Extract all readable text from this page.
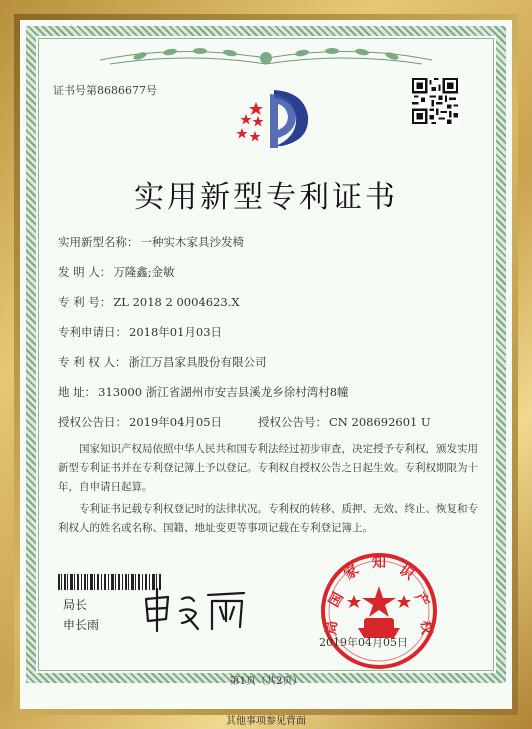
证书号第8686677号
实用新型专利证书
实用新型名称： 一种实木家具沙发椅
发 明 人： 万隆鑫;金敏
专 利 号： ZL 2018 2 0004623.X
专利申请日： 2018年01月03日
专 利 权 人： 浙江万昌家具股份有限公司
地 址： 313000 浙江省湖州市安吉县溪龙乡徐村湾村8幢
授权公告日： 2019年04月05日	授权公告号： CN 208692601 U
国家知识产权局依照中华人民共和国专利法经过初步审查，决定授予专利权，颁发实用新型专利证书并在专利登记簿上予以登记。专利权自授权公告之日起生效。专利权期限为十年，自申请日起算。
专利证书记载专利权登记时的法律状况。专利权的转移、质押、无效、终止、恢复和专利权人的姓名或名称、国籍、地址变更等事项记载在专利登记簿上。
局长
申长雨
国
家 知 识
产
权
局
2019年04月05日
第1页（共2页）
其他事项参见背面
